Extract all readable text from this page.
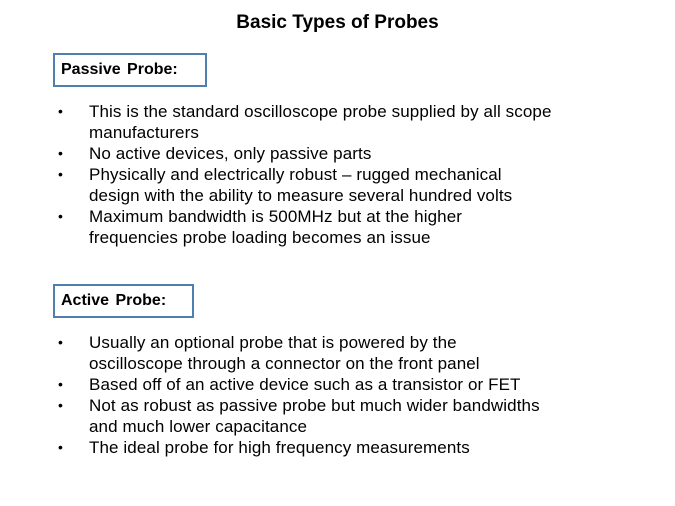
Basic Types of Probes
Passive Probe:
• This is the standard oscilloscope probe supplied by all scope
manufacturers
• No active devices, only passive parts
• Physically and electrically robust – rugged mechanical
design with the ability to measure several hundred volts
• Maximum bandwidth is 500MHz but at the higher
frequencies probe loading becomes an issue
Active Probe:
• Usually an optional probe that is powered by the
oscilloscope through a connector on the front panel
• Based off of an active device such as a transistor or FET
• Not as robust as passive probe but much wider bandwidths
and much lower capacitance
• The ideal probe for high frequency measurements
